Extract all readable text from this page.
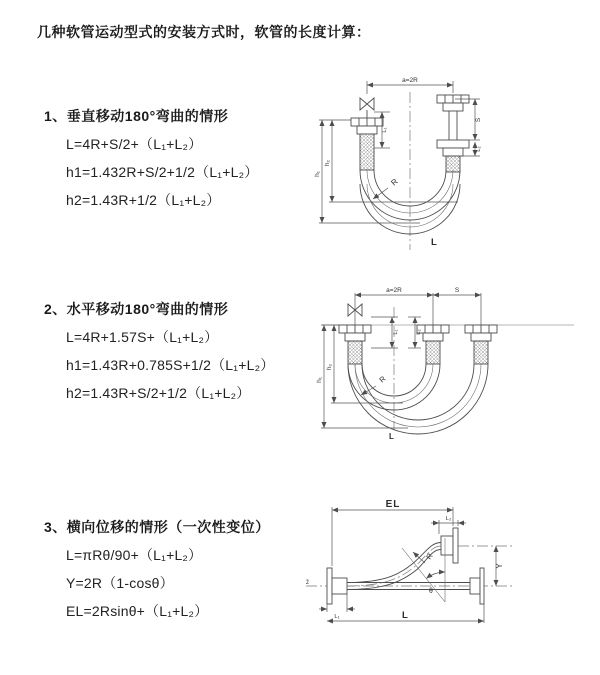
几种软管运动型式的安装方式时，软管的长度计算：
1、垂直移动180°弯曲的情形
L=4R+S/2+（L₁+L₂）
h1=1.432R+S/2+1/2（L₁+L₂）
h2=1.43R+1/2（L₁+L₂）
2、水平移动180°弯曲的情形
L=4R+1.57S+（L₁+L₂）
h1=1.43R+0.785S+1/2（L₁+L₂）
h2=1.43R+S/2+1/2（L₁+L₂）
3、横向位移的情形（一次性变位）
L=πRθ/90+（L₁+L₂）
Y=2R（1-cosθ）
EL=2Rsinθ+（L₁+L₂）
a=2R
L₁
S
L₂
h₁
h₂
R
L
a=2R	S
L₁	L₂
h₁
h₂
R
L
EL
L₂
Y
R
θ
L₁	L
z̄
